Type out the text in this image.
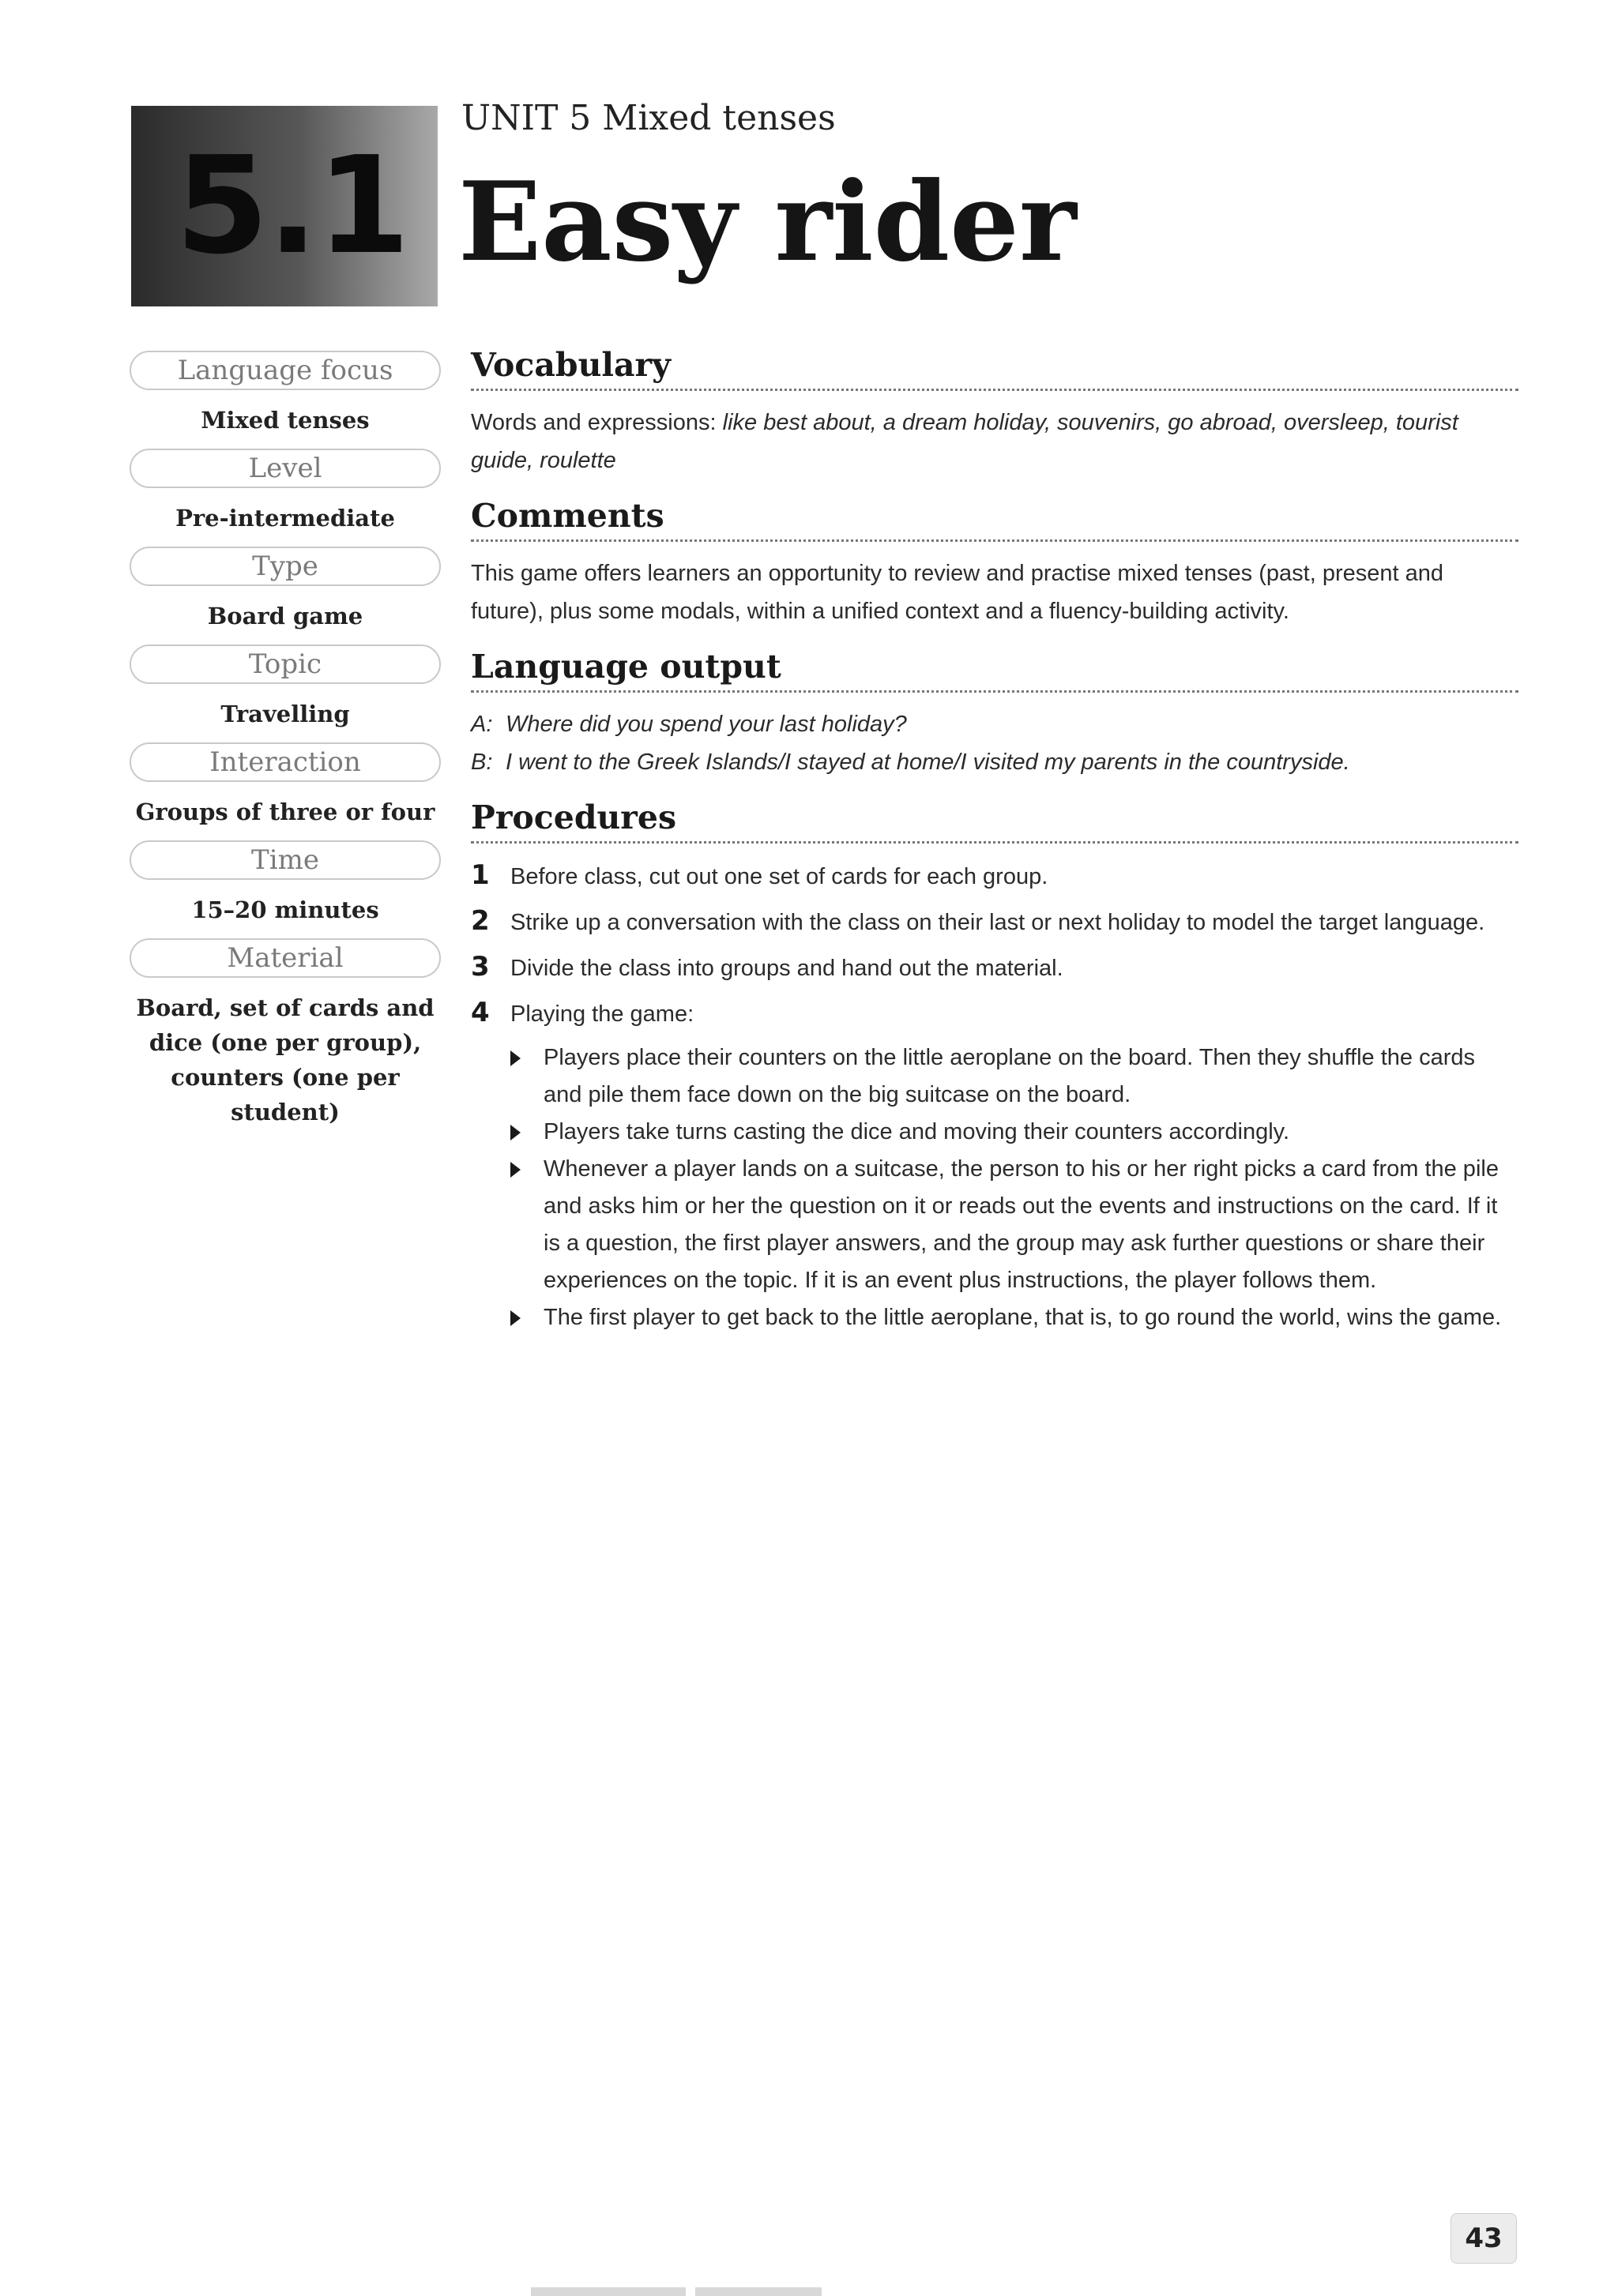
5.1
UNIT 5 Mixed tenses
Easy rider
Language focus
Mixed tenses
Level
Pre-intermediate
Type
Board game
Topic
Travelling
Interaction
Groups of three or four
Time
15–20 minutes
Material
Board, set of cards and dice (one per group), counters (one per student)
Vocabulary
Words and expressions: like best about, a dream holiday, souvenirs, go abroad, oversleep, tourist guide, roulette
Comments
This game offers learners an opportunity to review and practise mixed tenses (past, present and future), plus some modals, within a unified context and a fluency-building activity.
Language output
A: Where did you spend your last holiday?
B: I went to the Greek Islands/I stayed at home/I visited my parents in the countryside.
Procedures
1 Before class, cut out one set of cards for each group.
2 Strike up a conversation with the class on their last or next holiday to model the target language.
3 Divide the class into groups and hand out the material.
4 Playing the game:
Players place their counters on the little aeroplane on the board. Then they shuffle the cards and pile them face down on the big suitcase on the board.
Players take turns casting the dice and moving their counters accordingly.
Whenever a player lands on a suitcase, the person to his or her right picks a card from the pile and asks him or her the question on it or reads out the events and instructions on the card. If it is a question, the first player answers, and the group may ask further questions or share their experiences on the topic. If it is an event plus instructions, the player follows them.
The first player to get back to the little aeroplane, that is, to go round the world, wins the game.
43
